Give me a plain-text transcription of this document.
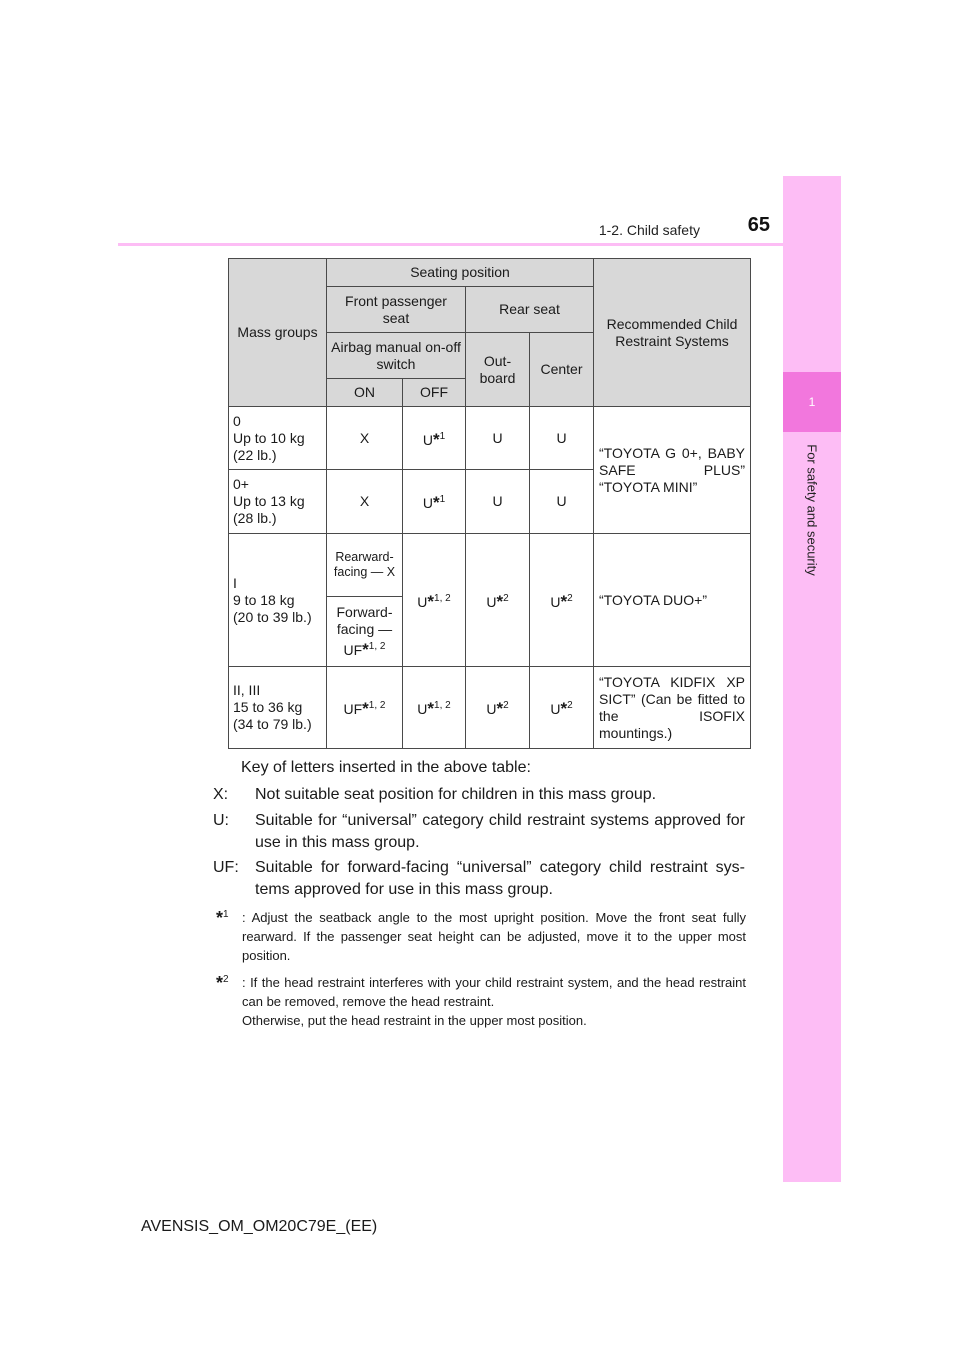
1
For safety and security
1-2. Child safety	65
Mass groups	Seating position				Recommended Child Restraint Systems
	Front passenger seat		Rear seat		
	Airbag manual on-off switch		Out-board	Center	
	ON	OFF			
0
Up to 10 kg
(22 lb.)	X	U*$^1$	U	U	“TOYOTA G 0+, BABY SAFE PLUS” “TOYOTA MINI”
0+
Up to 13 kg
(28 lb.)	X	U*$^1$	U	U	
I
9 to 18 kg
(20 to 39 lb.)	Rearward-facing — X	U*$^{1, 2}$	U*$^2$	U*$^2$	“TOYOTA DUO+”
	Forward-facing —
UF*$^{1, 2}$
II, III
15 to 36 kg
(34 to 79 lb.)	UF*$^{1, 2}$	U*$^{1, 2}$	U*$^2$	U*$^2$	“TOYOTA KIDFIX XP SICT” (Can be fitted to the ISOFIX mountings.)
Key of letters inserted in the above table:
X:	Not suitable seat position for children in this mass group.
U:	Suitable for “universal” category child restraint systems approved for use in this mass group.
UF:	Suitable for forward-facing “universal” category child restraint sys-tems approved for use in this mass group.
*$^1$	: Adjust the seatback angle to the most upright position. Move the front seat fully rearward. If the passenger seat height can be adjusted, move it to the upper most position.
*$^2$	: If the head restraint interferes with your child restraint system, and the head restraint can be removed, remove the head restraint.
Otherwise, put the head restraint in the upper most position.
AVENSIS_OM_OM20C79E_(EE)
